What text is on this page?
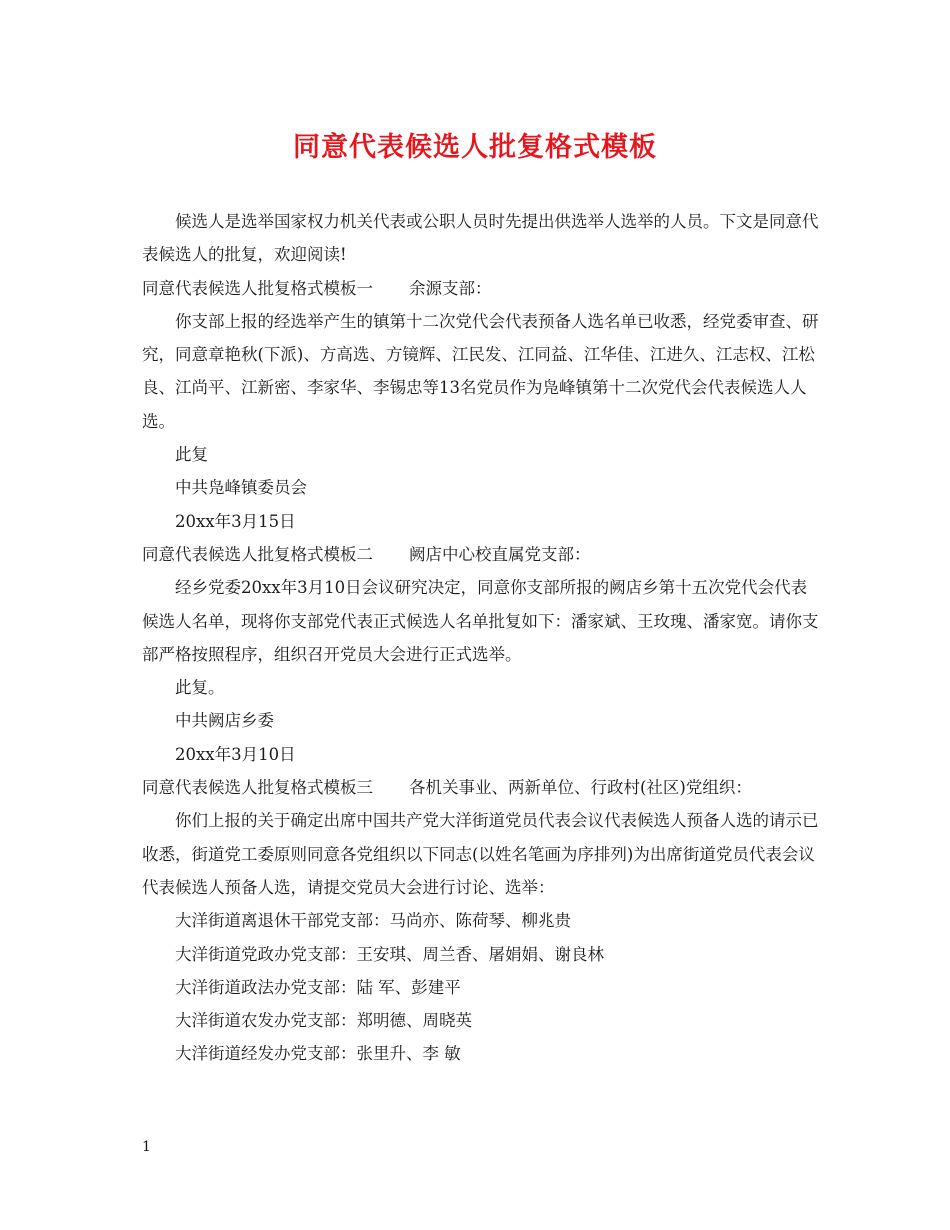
同意代表候选人批复格式模板

候选人是选举国家权力机关代表或公职人员时先提出供选举人选举的人员。下文是同意代表候选人的批复，欢迎阅读!

同意代表候选人批复格式模板一 余源支部：

你支部上报的经选举产生的镇第十二次党代会代表预备人选名单已收悉，经党委审查、研究，同意章艳秋(下派)、方高选、方镜辉、江民发、江同益、江华佳、江进久、江志权、江松良、江尚平、江新密、李家华、李锡忠等13名党员作为凫峰镇第十二次党代会代表候选人人选。

此复

中共凫峰镇委员会

20xx年3月15日

同意代表候选人批复格式模板二 阙店中心校直属党支部：

经乡党委20xx年3月10日会议研究决定，同意你支部所报的阙店乡第十五次党代会代表候选人名单，现将你支部党代表正式候选人名单批复如下：潘家斌、王玫瑰、潘家宽。请你支部严格按照程序，组织召开党员大会进行正式选举。

此复。

中共阙店乡委

20xx年3月10日

同意代表候选人批复格式模板三 各机关事业、两新单位、行政村(社区)党组织：

你们上报的关于确定出席中国共产党大洋街道党员代表会议代表候选人预备人选的请示已收悉，街道党工委原则同意各党组织以下同志(以姓名笔画为序排列)为出席街道党员代表会议代表候选人预备人选，请提交党员大会进行讨论、选举：

大洋街道离退休干部党支部：马尚亦、陈荷琴、柳兆贵

大洋街道党政办党支部：王安琪、周兰香、屠娟娟、谢良林

大洋街道政法办党支部：陆 军、彭建平

大洋街道农发办党支部：郑明德、周晓英

大洋街道经发办党支部：张里升、李 敏

1
